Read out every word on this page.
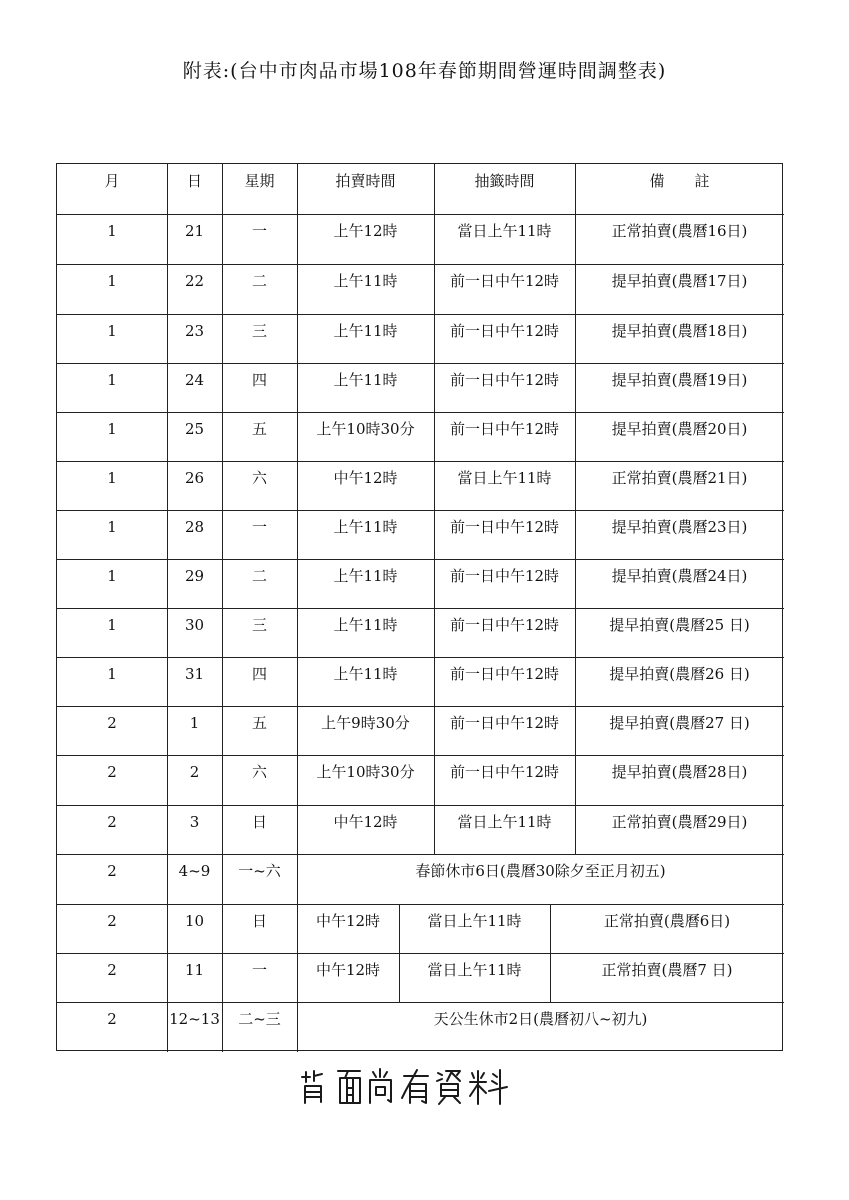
附表:(台中市肉品市場108年春節期間營運時間調整表)
月	日	星期	拍賣時間	抽籤時間	備　　註
1	21	一	上午12時	當日上午11時	正常拍賣(農曆16日)
1	22	二	上午11時	前一日中午12時	提早拍賣(農曆17日)
1	23	三	上午11時	前一日中午12時	提早拍賣(農曆18日)
1	24	四	上午11時	前一日中午12時	提早拍賣(農曆19日)
1	25	五	上午10時30分	前一日中午12時	提早拍賣(農曆20日)
1	26	六	中午12時	當日上午11時	正常拍賣(農曆21日)
1	28	一	上午11時	前一日中午12時	提早拍賣(農曆23日)
1	29	二	上午11時	前一日中午12時	提早拍賣(農曆24日)
1	30	三	上午11時	前一日中午12時	提早拍賣(農曆25 日)
1	31	四	上午11時	前一日中午12時	提早拍賣(農曆26 日)
2	1	五	上午9時30分	前一日中午12時	提早拍賣(農曆27 日)
2	2	六	上午10時30分	前一日中午12時	提早拍賣(農曆28日)
2	3	日	中午12時	當日上午11時	正常拍賣(農曆29日)
2	4~9	一~六	春節休市6日(農曆30除夕至正月初五)
2	10	日	中午12時	當日上午11時	正常拍賣(農曆6日)
2	11	一	中午12時	當日上午11時	正常拍賣(農曆7 日)
2	12~13	二~三	天公生休市2日(農曆初八~初九)
